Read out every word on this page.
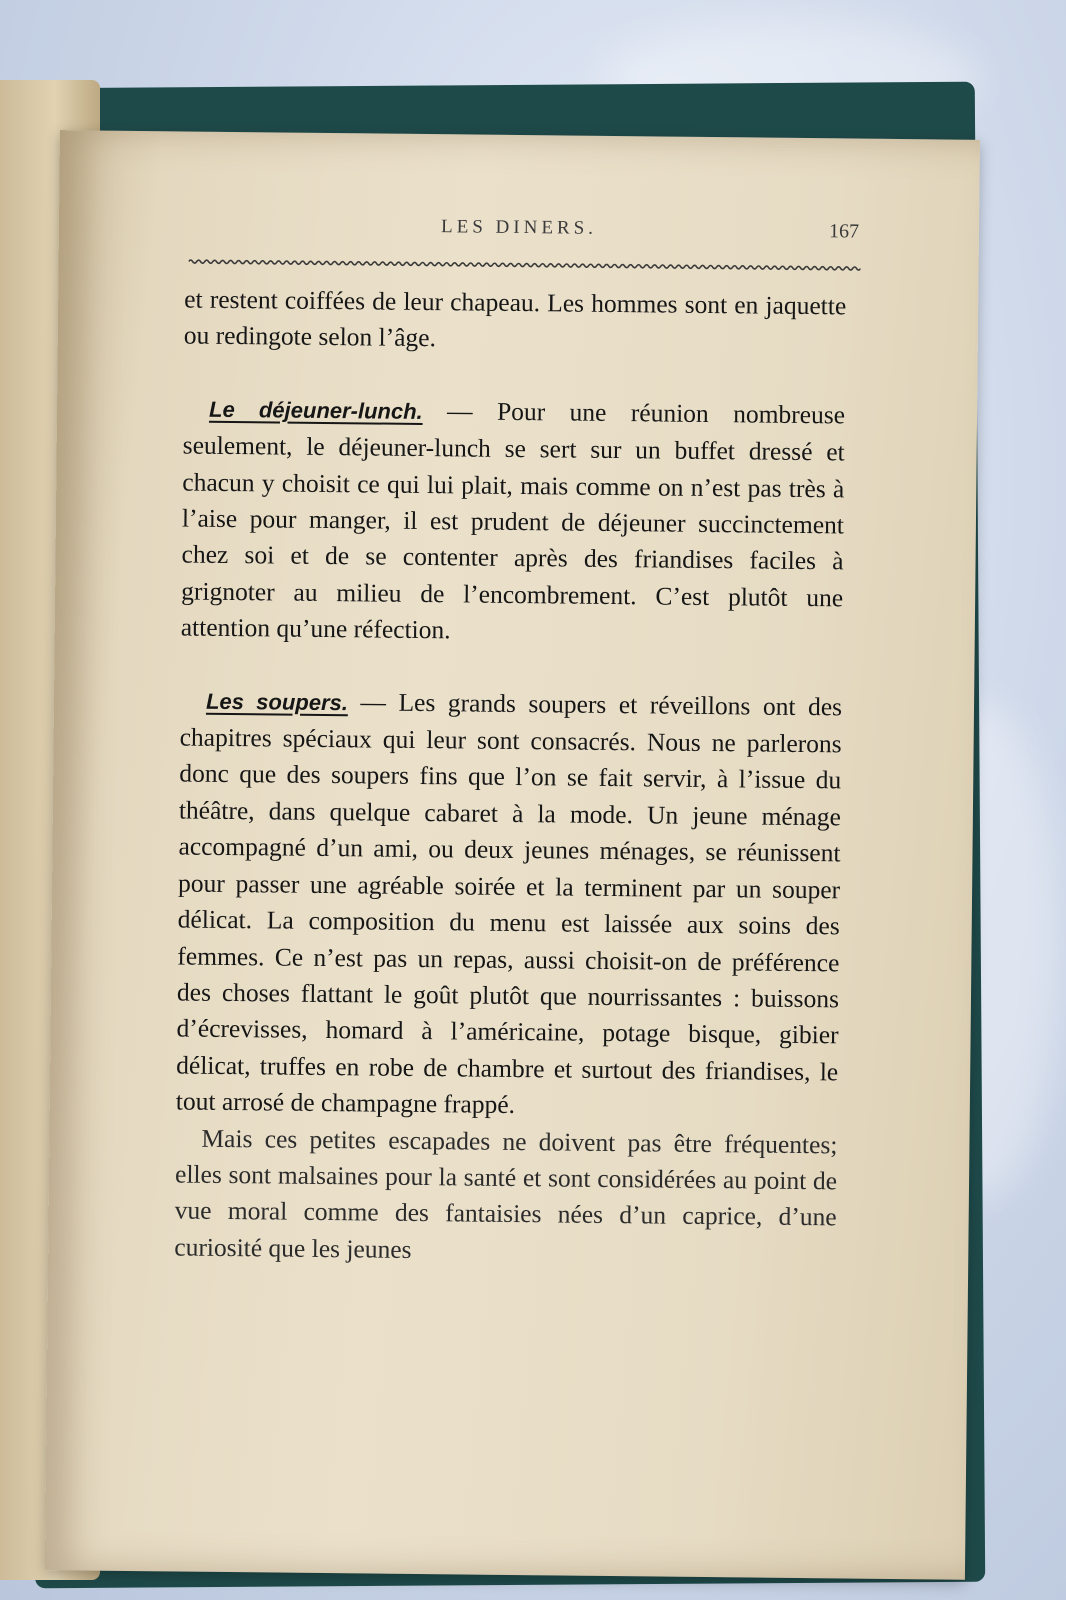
LES DINERS.	167

et restent coiffées de leur chapeau. Les hommes sont en jaquette ou redingote selon l’âge.

Le déjeuner-lunch. — Pour une réunion nombreuse seulement, le déjeuner-lunch se sert sur un buffet dressé et chacun y choisit ce qui lui plait, mais comme on n’est pas très à l’aise pour manger, il est prudent de déjeuner succinctement chez soi et de se contenter après des friandises faciles à grignoter au milieu de l’encombrement. C’est plutôt une attention qu’une réfection.

Les soupers. — Les grands soupers et réveillons ont des chapitres spéciaux qui leur sont consacrés. Nous ne parlerons donc que des soupers fins que l’on se fait servir, à l’issue du théâtre, dans quelque cabaret à la mode. Un jeune ménage accompagné d’un ami, ou deux jeunes ménages, se réunissent pour passer une agréable soirée et la terminent par un souper délicat. La composition du menu est laissée aux soins des femmes. Ce n’est pas un repas, aussi choisit-on de préférence des choses flattant le goût plutôt que nourrissantes : buissons d’écrevisses, homard à l’américaine, potage bisque, gibier délicat, truffes en robe de chambre et surtout des friandises, le tout arrosé de champagne frappé.

Mais ces petites escapades ne doivent pas être fréquentes; elles sont malsaines pour la santé et sont considérées au point de vue moral comme des fantaisies nées d’un caprice, d’une curiosité que les jeunes
